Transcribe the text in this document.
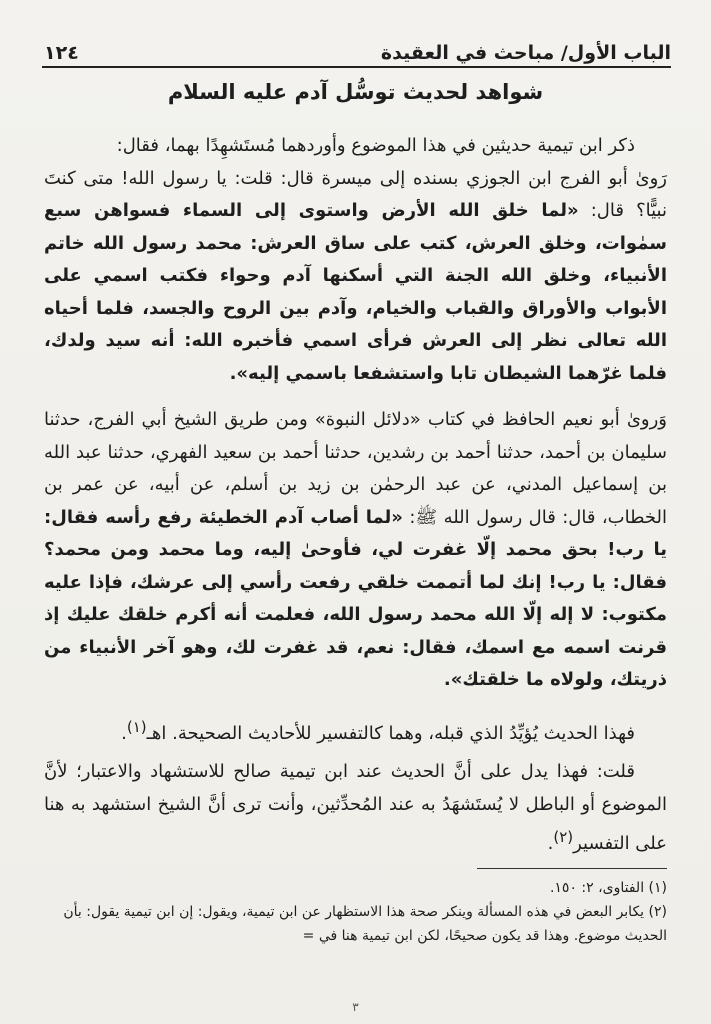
الباب الأول/ مباحث في العقيدة
١٢٤
شواهد لحديث توسُّل آدم عليه السلام

ذكر ابن تيمية حديثين في هذا الموضوع وأوردهما مُستَشهِدًا بهما، فقال:

رَوىٰ أبو الفرج ابن الجوزي بسنده إلى ميسرة قال: قلت: يا رسول الله! متى كنتَ نبيًّا؟ قال: «لما خلق الله الأرض واستوى إلى السماء فسواهن سبع سمٰوات، وخلق العرش، كتب على ساق العرش: محمد رسول الله خاتم الأنبياء، وخلق الله الجنة التي أسكنها آدم وحواء فكتب اسمي على الأبواب والأوراق والقباب والخيام، وآدم بين الروح والجسد، فلما أحياه الله تعالى نظر إلى العرش فرأى اسمي فأخبره الله: أنه سيد ولدك، فلما غرّهما الشيطان تابا واستشفعا باسمي إليه».

وَروىٰ أبو نعيم الحافظ في كتاب «دلائل النبوة» ومن طريق الشيخ أبي الفرج، حدثنا سليمان بن أحمد، حدثنا أحمد بن رشدين، حدثنا أحمد بن سعيد الفهري، حدثنا عبد الله بن إسماعيل المدني، عن عبد الرحمٰن بن زيد بن أسلم، عن أبيه، عن عمر بن الخطاب، قال: قال رسول الله ﷺ: «لما أصاب آدم الخطيئة رفع رأسه فقال: يا رب! بحق محمد إلّا غفرت لي، فأوحىٰ إليه، وما محمد ومن محمد؟ فقال: يا رب! إنك لما أتممت خلقي رفعت رأسي إلى عرشك، فإذا عليه مكتوب: لا إله إلّا الله محمد رسول الله، فعلمت أنه أكرم خلقك عليك إذ قرنت اسمه مع اسمك، فقال: نعم، قد غفرت لك، وهو آخر الأنبياء من ذريتك، ولولاه ما خلقتك».

فهذا الحديث يُؤيِّدُ الذي قبله، وهما كالتفسير للأحاديث الصحيحة. اهـ$^{(١)}$.

قلت: فهذا يدل على أنَّ الحديث عند ابن تيمية صالح للاستشهاد والاعتبار؛ لأنَّ الموضوع أو الباطل لا يُستَشهَدُ به عند المُحدِّثين، وأنت ترى أنَّ الشيخ استشهد به هنا على التفسير$^{(٢)}$.

(١) الفتاوى، ٢: ١٥٠.

(٢) يكابر البعض في هذه المسألة وينكر صحة هذا الاستظهار عن ابن تيمية، ويقول: إن ابن تيمية يقول: بأن الحديث موضوع. وهذا قد يكون صحيحًا، لكن ابن تيمية هنا في =

٣
